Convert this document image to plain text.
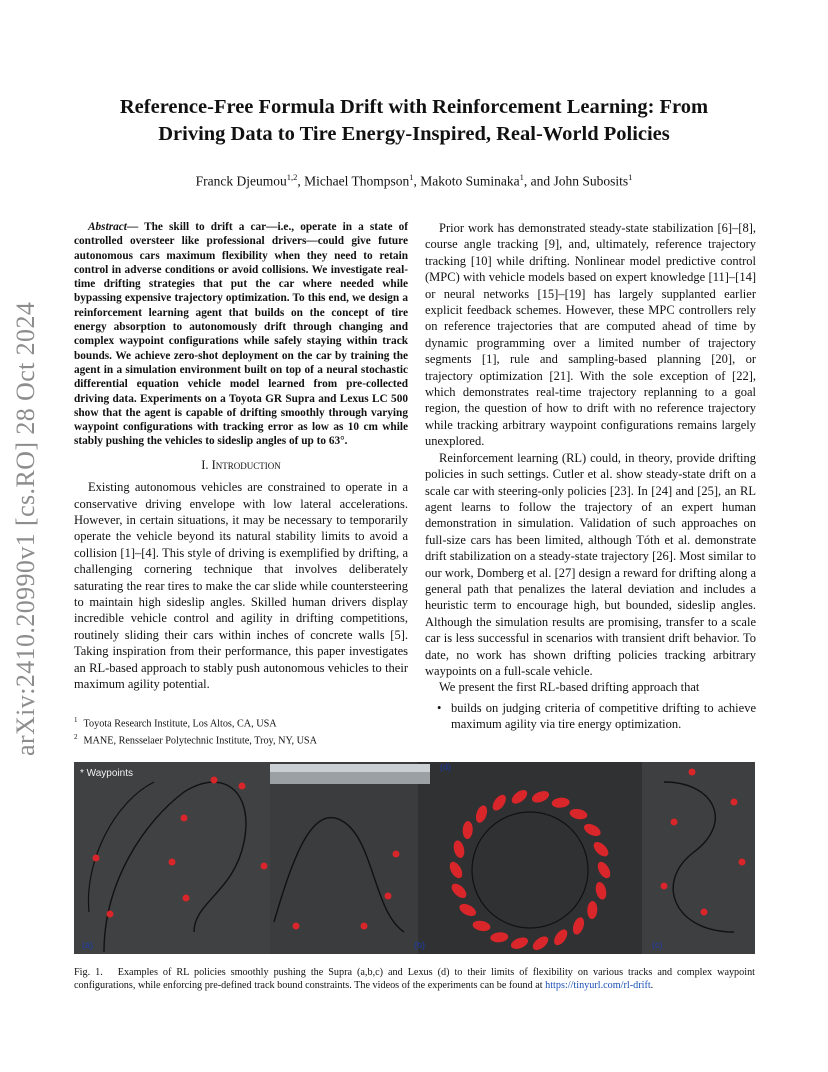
arXiv:2410.20990v1 [cs.RO] 28 Oct 2024
Reference-Free Formula Drift with Reinforcement Learning: From
Driving Data to Tire Energy-Inspired, Real-World Policies
Franck Djeumou$^{1,2}$, Michael Thompson$^1$, Makoto Suminaka$^1$, and John Subosits$^1$

Abstract— The skill to drift a car—i.e., operate in a state of controlled oversteer like professional drivers—could give future autonomous cars maximum flexibility when they need to retain control in adverse conditions or avoid collisions. We investigate real-time drifting strategies that put the car where needed while bypassing expensive trajectory optimization. To this end, we design a reinforcement learning agent that builds on the concept of tire energy absorption to autonomously drift through changing and complex waypoint configurations while safely staying within track bounds. We achieve zero-shot deployment on the car by training the agent in a simulation environment built on top of a neural stochastic differential equation vehicle model learned from pre-collected driving data. Experiments on a Toyota GR Supra and Lexus LC 500 show that the agent is capable of drifting smoothly through varying waypoint configurations with tracking error as low as 10 cm while stably pushing the vehicles to sideslip angles of up to 63°.

I. Introduction

Existing autonomous vehicles are constrained to operate in a conservative driving envelope with low lateral accelerations. However, in certain situations, it may be necessary to temporarily operate the vehicle beyond its natural stability limits to avoid a collision [1]–[4]. This style of driving is exemplified by drifting, a challenging cornering technique that involves deliberately saturating the rear tires to make the car slide while countersteering to maintain high sideslip angles. Skilled human drivers display incredible vehicle control and agility in drifting competitions, routinely sliding their cars within inches of concrete walls [5]. Taking inspiration from their performance, this paper investigates an RL-based approach to stably push autonomous vehicles to their maximum agility potential.

$^1$ Toyota Research Institute, Los Altos, CA, USA
$^2$ MANE, Rensselaer Polytechnic Institute, Troy, NY, USA

Prior work has demonstrated steady-state stabilization [6]–[8], course angle tracking [9], and, ultimately, reference trajectory tracking [10] while drifting. Nonlinear model predictive control (MPC) with vehicle models based on expert knowledge [11]–[14] or neural networks [15]–[19] has largely supplanted earlier explicit feedback schemes. However, these MPC controllers rely on reference trajectories that are computed ahead of time by dynamic programming over a limited number of trajectory segments [1], rule and sampling-based planning [20], or trajectory optimization [21]. With the sole exception of [22], which demonstrates real-time trajectory replanning to a goal region, the question of how to drift with no reference trajectory while tracking arbitrary waypoint configurations remains largely unexplored.

Reinforcement learning (RL) could, in theory, provide drifting policies in such settings. Cutler et al. show steady-state drift on a scale car with steering-only policies [23]. In [24] and [25], an RL agent learns to follow the trajectory of an expert human demonstration in simulation. Validation of such approaches on full-size cars has been limited, although Tóth et al. demonstrate drift stabilization on a steady-state trajectory [26]. Most similar to our work, Domberg et al. [27] design a reward for drifting along a general path that penalizes the lateral deviation and includes a heuristic term to encourage high, but bounded, sideslip angles. Although the simulation results are promising, transfer to a scale car is less successful in scenarios with transient drift behavior. To date, no work has shown drifting policies tracking arbitrary waypoints on a full-scale vehicle.

We present the first RL-based drifting approach that

• builds on judging criteria of competitive drifting to achieve maximum agility via tire energy optimization.
* Waypoints
(a)	(b)	(c)
(d)
Fig. 1. Examples of RL policies smoothly pushing the Supra (a,b,c) and Lexus (d) to their limits of flexibility on various tracks and complex waypoint configurations, while enforcing pre-defined track bound constraints. The videos of the experiments can be found at https://tinyurl.com/rl-drift.
